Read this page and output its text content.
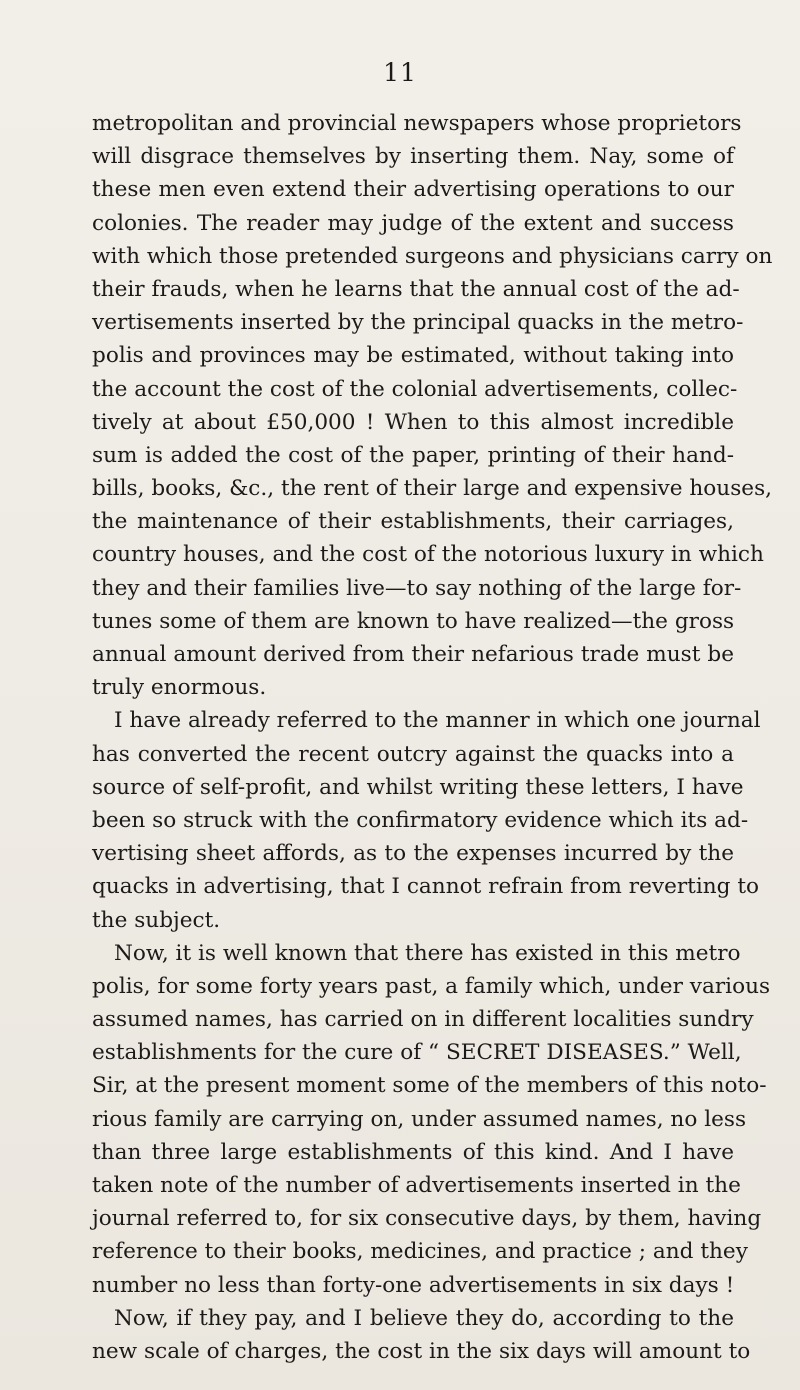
11
metropolitan and provincial newspapers whose proprietors
will disgrace themselves by inserting them. Nay, some of
these men even extend their advertising operations to our
colonies. The reader may judge of the extent and success
with which those pretended surgeons and physicians carry on
their frauds, when he learns that the annual cost of the ad-
vertisements inserted by the principal quacks in the metro-
polis and provinces may be estimated, without taking into
the account the cost of the colonial advertisements, collec-
tively at about £50,000 ! When to this almost incredible
sum is added the cost of the paper, printing of their hand-
bills, books, &c., the rent of their large and expensive houses,
the maintenance of their establishments, their carriages,
country houses, and the cost of the notorious luxury in which
they and their families live—to say nothing of the large for-
tunes some of them are known to have realized—the gross
annual amount derived from their nefarious trade must be
truly enormous.
I have already referred to the manner in which one journal
has converted the recent outcry against the quacks into a
source of self-profit, and whilst writing these letters, I have
been so struck with the confirmatory evidence which its ad-
vertising sheet affords, as to the expenses incurred by the
quacks in advertising, that I cannot refrain from reverting to
the subject.
Now, it is well known that there has existed in this metro
polis, for some forty years past, a family which, under various
assumed names, has carried on in different localities sundry
establishments for the cure of “ SECRET DISEASES.” Well,
Sir, at the present moment some of the members of this noto-
rious family are carrying on, under assumed names, no less
than three large establishments of this kind. And I have
taken note of the number of advertisements inserted in the
journal referred to, for six consecutive days, by them, having
reference to their books, medicines, and practice ; and they
number no less than forty-one advertisements in six days !
Now, if they pay, and I believe they do, according to the
new scale of charges, the cost in the six days will amount to
